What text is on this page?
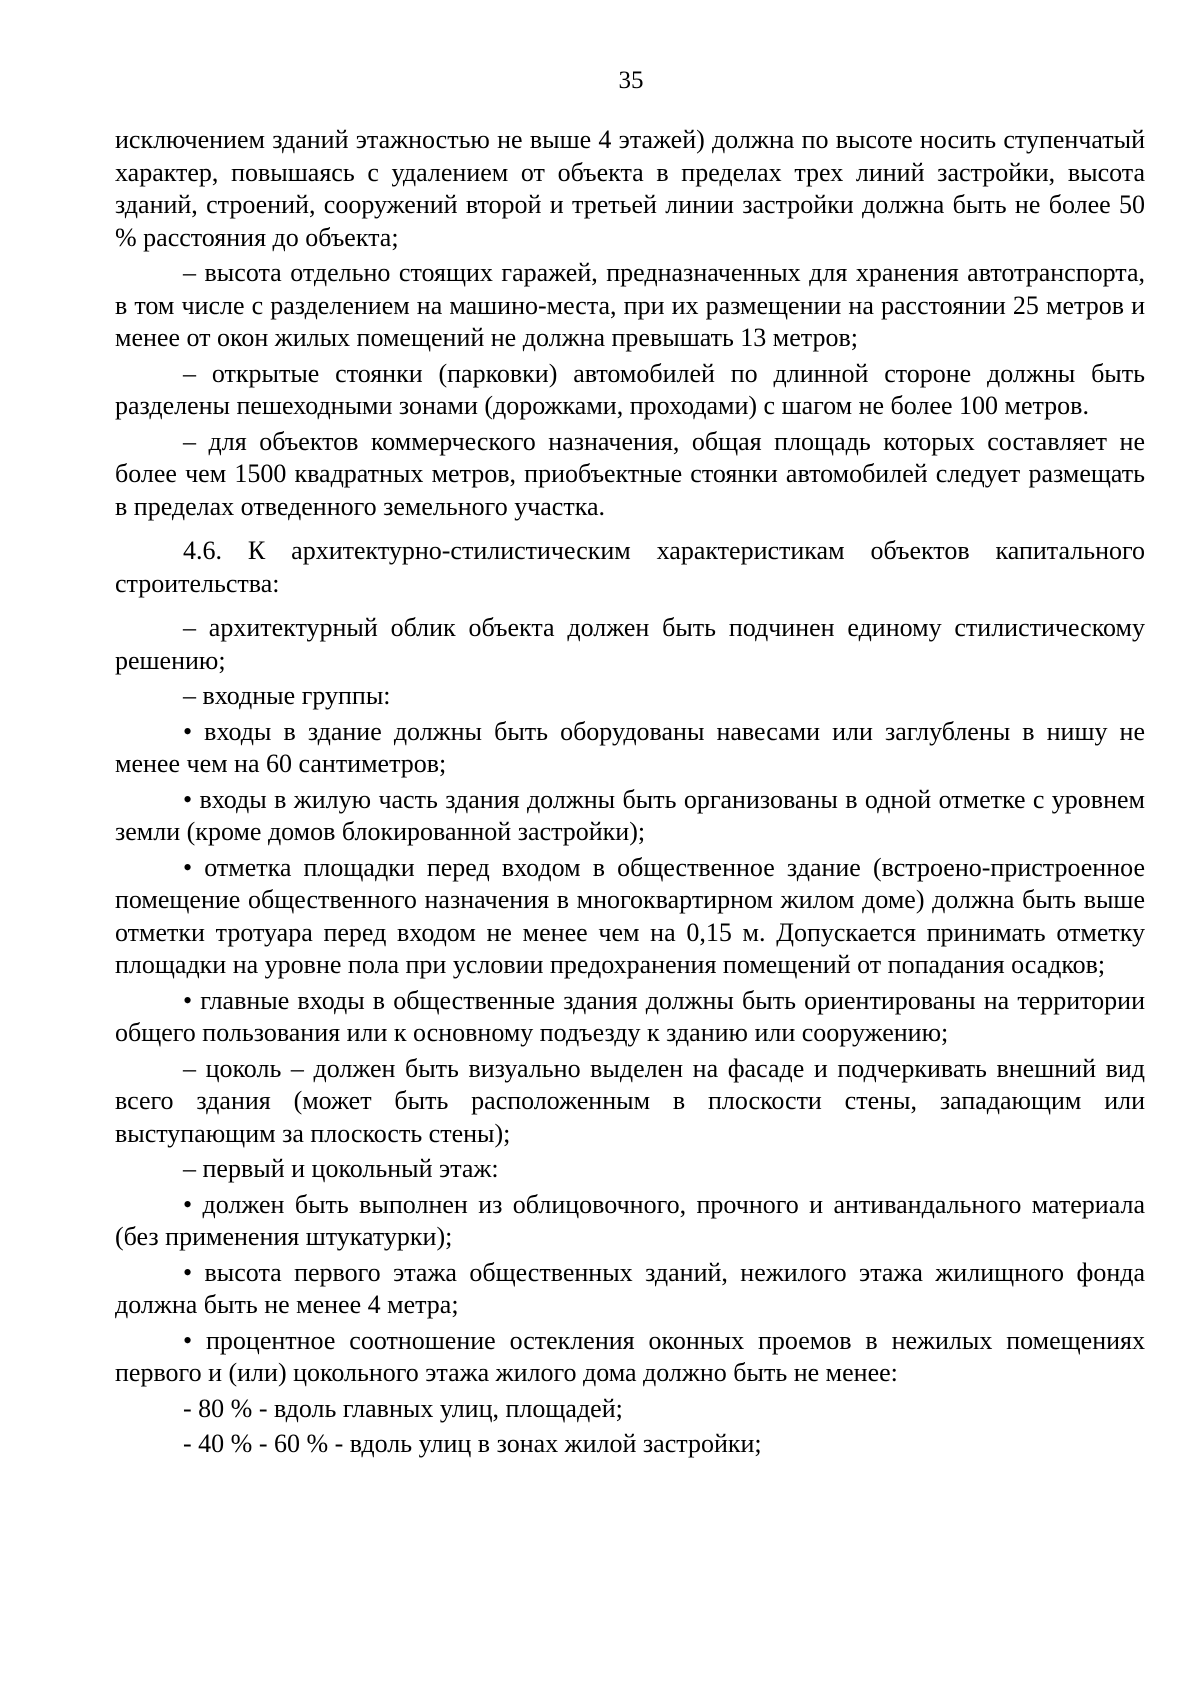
35

исключением зданий этажностью не выше 4 этажей) должна по высоте носить ступенчатый характер, повышаясь с удалением от объекта в пределах трех линий застройки, высота зданий, строений, сооружений второй и третьей линии застройки должна быть не более 50 % расстояния до объекта;

– высота отдельно стоящих гаражей, предназначенных для хранения автотранспорта, в том числе с разделением на машино-места, при их размещении на расстоянии 25 метров и менее от окон жилых помещений не должна превышать 13 метров;

– открытые стоянки (парковки) автомобилей по длинной стороне должны быть разделены пешеходными зонами (дорожками, проходами) с шагом не более 100 метров.

– для объектов коммерческого назначения, общая площадь которых составляет не более чем 1500 квадратных метров, приобъектные стоянки автомобилей следует размещать в пределах отведенного земельного участка.

4.6. К архитектурно-стилистическим характеристикам объектов капитального строительства:

– архитектурный облик объекта должен быть подчинен единому стилистическому решению;

– входные группы:

• входы в здание должны быть оборудованы навесами или заглублены в нишу не менее чем на 60 сантиметров;

• входы в жилую часть здания должны быть организованы в одной отметке с уровнем земли (кроме домов блокированной застройки);

• отметка площадки перед входом в общественное здание (встроено-пристроенное помещение общественного назначения в многоквартирном жилом доме) должна быть выше отметки тротуара перед входом не менее чем на 0,15 м. Допускается принимать отметку площадки на уровне пола при условии предохранения помещений от попадания осадков;

• главные входы в общественные здания должны быть ориентированы на территории общего пользования или к основному подъезду к зданию или сооружению;

– цоколь – должен быть визуально выделен на фасаде и подчеркивать внешний вид всего здания (может быть расположенным в плоскости стены, западающим или выступающим за плоскость стены);

– первый и цокольный этаж:

• должен быть выполнен из облицовочного, прочного и антивандального материала (без применения штукатурки);

• высота первого этажа общественных зданий, нежилого этажа жилищного фонда должна быть не менее 4 метра;

• процентное соотношение остекления оконных проемов в нежилых помещениях первого и (или) цокольного этажа жилого дома должно быть не менее:

- 80 % - вдоль главных улиц, площадей;

- 40 % - 60 % - вдоль улиц в зонах жилой застройки;
